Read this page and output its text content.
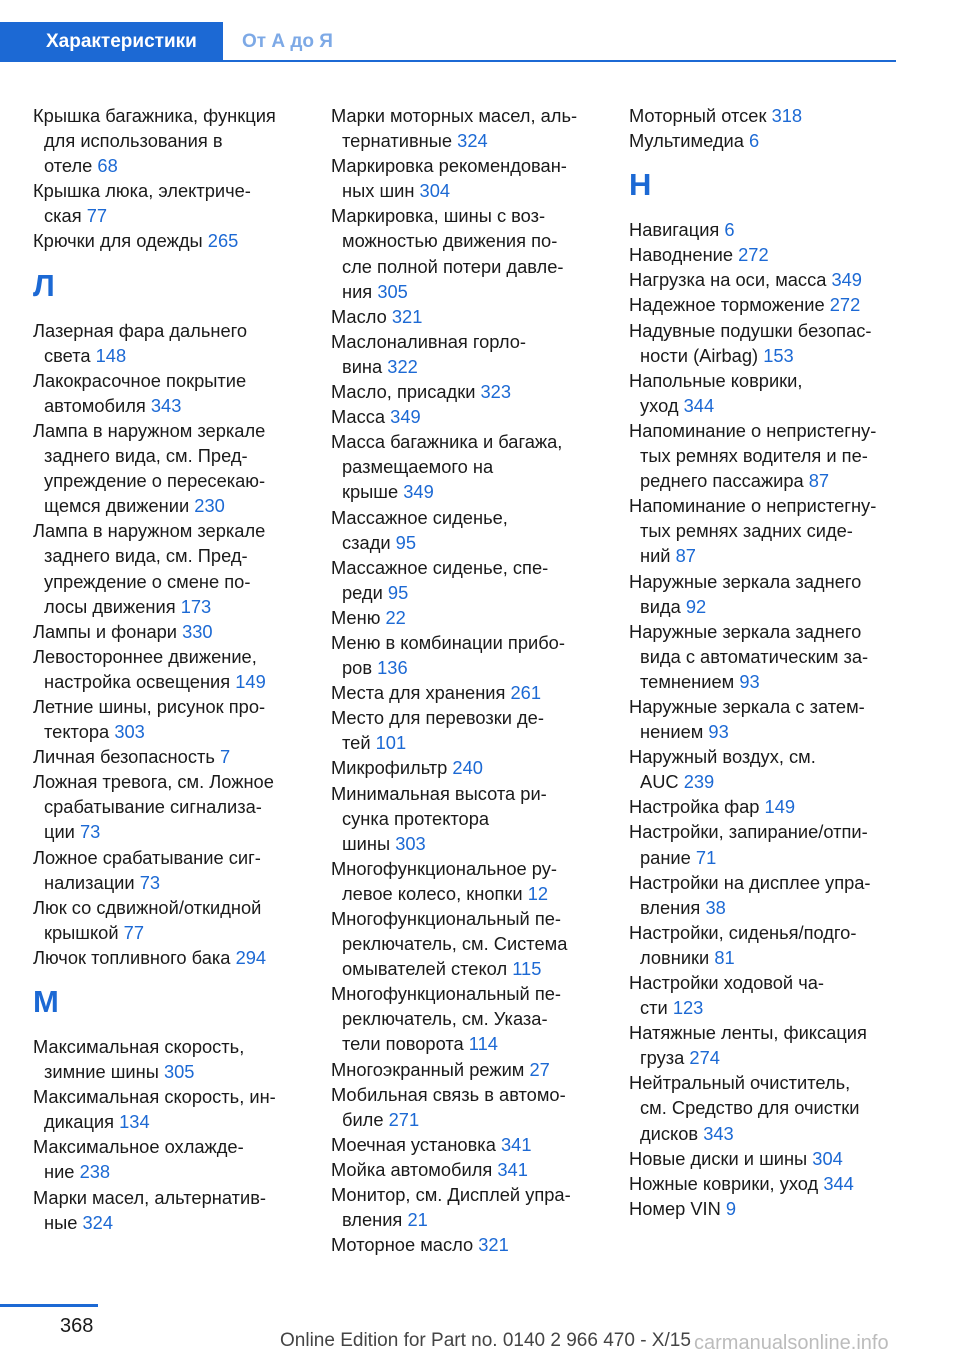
Характеристики От А до Я
Крышка багажника, функция
для использования в
отеле 68
Крышка люка, электриче-
ская 77
Крючки для одежды 265
Л
Лазерная фара дальнего
света 148
Лакокрасочное покрытие
автомобиля 343
Лампа в наружном зеркале
заднего вида, см. Пред-
упреждение о пересекаю-
щемся движении 230
Лампа в наружном зеркале
заднего вида, см. Пред-
упреждение о смене по-
лосы движения 173
Лампы и фонари 330
Левостороннее движение,
настройка освещения 149
Летние шины, рисунок про-
тектора 303
Личная безопасность 7
Ложная тревога, см. Ложное
срабатывание сигнализа-
ции 73
Ложное срабатывание сиг-
нализации 73
Люк со сдвижной/откидной
крышкой 77
Лючок топливного бака 294
М
Максимальная скорость,
зимние шины 305
Максимальная скорость, ин-
дикация 134
Максимальное охлажде-
ние 238
Марки масел, альтернатив-
ные 324
Марки моторных масел, аль-
тернативные 324
Маркировка рекомендован-
ных шин 304
Маркировка, шины с воз-
можностью движения по-
сле полной потери давле-
ния 305
Масло 321
Маслоналивная горло-
вина 322
Масло, присадки 323
Масса 349
Масса багажника и багажа,
размещаемого на
крыше 349
Массажное сиденье,
сзади 95
Массажное сиденье, спе-
реди 95
Меню 22
Меню в комбинации прибо-
ров 136
Места для хранения 261
Место для перевозки де-
тей 101
Микрофильтр 240
Минимальная высота ри-
сунка протектора
шины 303
Многофункциональное ру-
левое колесо, кнопки 12
Многофункциональный пе-
реключатель, см. Система
омывателей стекол 115
Многофункциональный пе-
реключатель, см. Указа-
тели поворота 114
Многоэкранный режим 27
Мобильная связь в автомо-
биле 271
Моечная установка 341
Мойка автомобиля 341
Монитор, см. Дисплей упра-
вления 21
Моторное масло 321
Моторный отсек 318
Мультимедиа 6
Н
Навигация 6
Наводнение 272
Нагрузка на оси, масса 349
Надежное торможение 272
Надувные подушки безопас-
ности (Airbag) 153
Напольные коврики,
уход 344
Напоминание о непристегну-
тых ремнях водителя и пе-
реднего пассажира 87
Напоминание о непристегну-
тых ремнях задних сиде-
ний 87
Наружные зеркала заднего
вида 92
Наружные зеркала заднего
вида с автоматическим за-
темнением 93
Наружные зеркала с затем-
нением 93
Наружный воздух, см.
AUC 239
Настройка фар 149
Настройки, запирание/отпи-
рание 71
Настройки на дисплее упра-
вления 38
Настройки, сиденья/подго-
ловники 81
Настройки ходовой ча-
сти 123
Натяжные ленты, фиксация
груза 274
Нейтральный очиститель,
см. Средство для очистки
дисков 343
Новые диски и шины 304
Ножные коврики, уход 344
Номер VIN 9
368
Online Edition for Part no. 0140 2 966 470 - X/15 carmanualsonline.info
